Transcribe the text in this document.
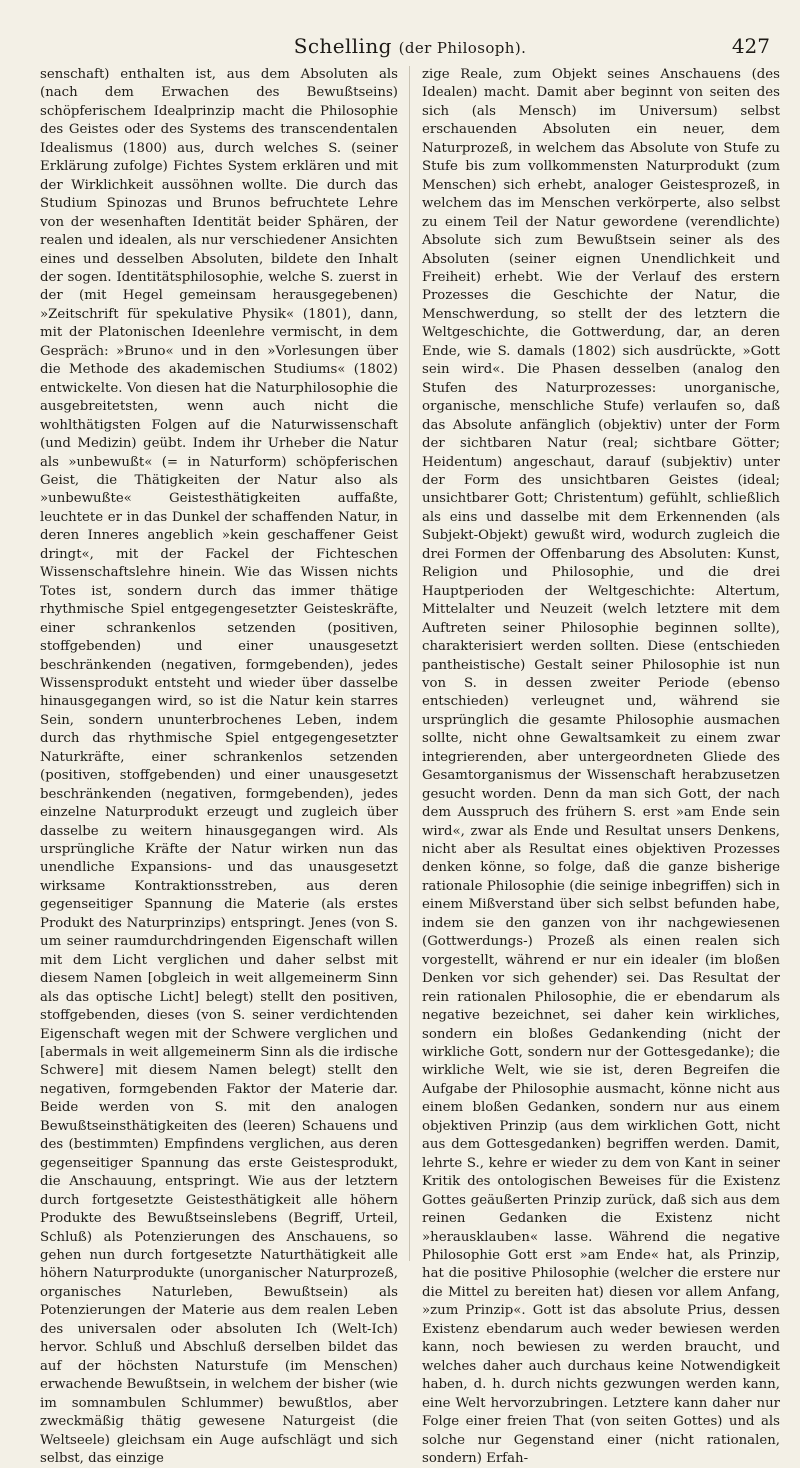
Schelling (der Philosoph).	427

senschaft) enthalten ist, aus dem Absoluten als (nach dem Erwachen des Bewußtseins) schöpferischem Idealprinzip macht die Philosophie des Geistes oder des Systems des transcendentalen Idealismus (1800) aus, durch welches S. (seiner Erklärung zufolge) Fichtes System erklären und mit der Wirklichkeit aussöhnen wollte. Die durch das Studium Spinozas und Brunos befruchtete Lehre von der wesenhaften Identität beider Sphären, der realen und idealen, als nur verschiedener Ansichten eines und desselben Absoluten, bildete den Inhalt der sogen. Identitätsphilosophie, welche S. zuerst in der (mit Hegel gemeinsam herausgegebenen) »Zeitschrift für spekulative Physik« (1801), dann, mit der Platonischen Ideenlehre vermischt, in dem Gespräch: »Bruno« und in den »Vorlesungen über die Methode des akademischen Studiums« (1802) entwickelte. Von diesen hat die Naturphilosophie die ausgebreitetsten, wenn auch nicht die wohlthätigsten Folgen auf die Naturwissenschaft (und Medizin) geübt. Indem ihr Urheber die Natur als »unbewußt« (= in Naturform) schöpferischen Geist, die Thätigkeiten der Natur also als »unbewußte« Geistesthätigkeiten auffaßte, leuchtete er in das Dunkel der schaffenden Natur, in deren Inneres angeblich »kein geschaffener Geist dringt«, mit der Fackel der Fichteschen Wissenschaftslehre hinein. Wie das Wissen nichts Totes ist, sondern durch das immer thätige rhythmische Spiel entgegengesetzter Geisteskräfte, einer schrankenlos setzenden (positiven, stoffgebenden) und einer unausgesetzt beschränkenden (negativen, formgebenden), jedes Wissensprodukt entsteht und wieder über dasselbe hinausgegangen wird, so ist die Natur kein starres Sein, sondern ununterbrochenes Leben, indem durch das rhythmische Spiel entgegengesetzter Naturkräfte, einer schrankenlos setzenden (positiven, stoffgebenden) und einer unausgesetzt beschränkenden (negativen, formgebenden), jedes einzelne Naturprodukt erzeugt und zugleich über dasselbe zu weitern hinausgegangen wird. Als ursprüngliche Kräfte der Natur wirken nun das unendliche Expansions- und das unausgesetzt wirksame Kontraktionsstreben, aus deren gegenseitiger Spannung die Materie (als erstes Produkt des Naturprinzips) entspringt. Jenes (von S. um seiner raumdurchdringenden Eigenschaft willen mit dem Licht verglichen und daher selbst mit diesem Namen [obgleich in weit allgemeinerm Sinn als das optische Licht] belegt) stellt den positiven, stoffgebenden, dieses (von S. seiner verdichtenden Eigenschaft wegen mit der Schwere verglichen und [abermals in weit allgemeinerm Sinn als die irdische Schwere] mit diesem Namen belegt) stellt den negativen, formgebenden Faktor der Materie dar. Beide werden von S. mit den analogen Bewußtseinsthätigkeiten des (leeren) Schauens und des (bestimmten) Empfindens verglichen, aus deren gegenseitiger Spannung das erste Geistesprodukt, die Anschauung, entspringt. Wie aus der letztern durch fortgesetzte Geistesthätigkeit alle höhern Produkte des Bewußtseinslebens (Begriff, Urteil, Schluß) als Potenzierungen des Anschauens, so gehen nun durch fortgesetzte Naturthätigkeit alle höhern Naturprodukte (unorganischer Naturprozeß, organisches Naturleben, Bewußtsein) als Potenzierungen der Materie aus dem realen Leben des universalen oder absoluten Ich (Welt-Ich) hervor. Schluß und Abschluß derselben bildet das auf der höchsten Naturstufe (im Menschen) erwachende Bewußtsein, in welchem der bisher (wie im somnambulen Schlummer) bewußtlos, aber zweckmäßig thätig gewesene Naturgeist (die Weltseele) gleichsam ein Auge aufschlägt und sich selbst, das einzige

zige Reale, zum Objekt seines Anschauens (des Idealen) macht. Damit aber beginnt von seiten des sich (als Mensch) im Universum) selbst erschauenden Absoluten ein neuer, dem Naturprozeß, in welchem das Absolute von Stufe zu Stufe bis zum vollkommensten Naturprodukt (zum Menschen) sich erhebt, analoger Geistesprozeß, in welchem das im Menschen verkörperte, also selbst zu einem Teil der Natur gewordene (verendlichte) Absolute sich zum Bewußtsein seiner als des Absoluten (seiner eignen Unendlichkeit und Freiheit) erhebt. Wie der Verlauf des erstern Prozesses die Geschichte der Natur, die Menschwerdung, so stellt der des letztern die Weltgeschichte, die Gottwerdung, dar, an deren Ende, wie S. damals (1802) sich ausdrückte, »Gott sein wird«. Die Phasen desselben (analog den Stufen des Naturprozesses: unorganische, organische, menschliche Stufe) verlaufen so, daß das Absolute anfänglich (objektiv) unter der Form der sichtbaren Natur (real; sichtbare Götter; Heidentum) angeschaut, darauf (subjektiv) unter der Form des unsichtbaren Geistes (ideal; unsichtbarer Gott; Christentum) gefühlt, schließlich als eins und dasselbe mit dem Erkennenden (als Subjekt-Objekt) gewußt wird, wodurch zugleich die drei Formen der Offenbarung des Absoluten: Kunst, Religion und Philosophie, und die drei Hauptperioden der Weltgeschichte: Altertum, Mittelalter und Neuzeit (welch letztere mit dem Auftreten seiner Philosophie beginnen sollte), charakterisiert werden sollten. Diese (entschieden pantheistische) Gestalt seiner Philosophie ist nun von S. in dessen zweiter Periode (ebenso entschieden) verleugnet und, während sie ursprünglich die gesamte Philosophie ausmachen sollte, nicht ohne Gewaltsamkeit zu einem zwar integrierenden, aber untergeordneten Gliede des Gesamtorganismus der Wissenschaft herabzusetzen gesucht worden. Denn da man sich Gott, der nach dem Ausspruch des frühern S. erst »am Ende sein wird«, zwar als Ende und Resultat unsers Denkens, nicht aber als Resultat eines objektiven Prozesses denken könne, so folge, daß die ganze bisherige rationale Philosophie (die seinige inbegriffen) sich in einem Mißverstand über sich selbst befunden habe, indem sie den ganzen von ihr nachgewiesenen (Gottwerdungs-) Prozeß als einen realen sich vorgestellt, während er nur ein idealer (im bloßen Denken vor sich gehender) sei. Das Resultat der rein rationalen Philosophie, die er ebendarum als negative bezeichnet, sei daher kein wirkliches, sondern ein bloßes Gedankending (nicht der wirkliche Gott, sondern nur der Gottesgedanke); die wirkliche Welt, wie sie ist, deren Begreifen die Aufgabe der Philosophie ausmacht, könne nicht aus einem bloßen Gedanken, sondern nur aus einem objektiven Prinzip (aus dem wirklichen Gott, nicht aus dem Gottesgedanken) begriffen werden. Damit, lehrte S., kehre er wieder zu dem von Kant in seiner Kritik des ontologischen Beweises für die Existenz Gottes geäußerten Prinzip zurück, daß sich aus dem reinen Gedanken die Existenz nicht »herausklauben« lasse. Während die negative Philosophie Gott erst »am Ende« hat, als Prinzip, hat die positive Philosophie (welcher die erstere nur die Mittel zu bereiten hat) diesen vor allem Anfang, »zum Prinzip«. Gott ist das absolute Prius, dessen Existenz ebendarum auch weder bewiesen werden kann, noch bewiesen zu werden braucht, und welches daher auch durchaus keine Notwendigkeit haben, d. h. durch nichts gezwungen werden kann, eine Welt hervorzubringen. Letztere kann daher nur Folge einer freien That (von seiten Gottes) und als solche nur Gegenstand einer (nicht rationalen, sondern) Erfah-
